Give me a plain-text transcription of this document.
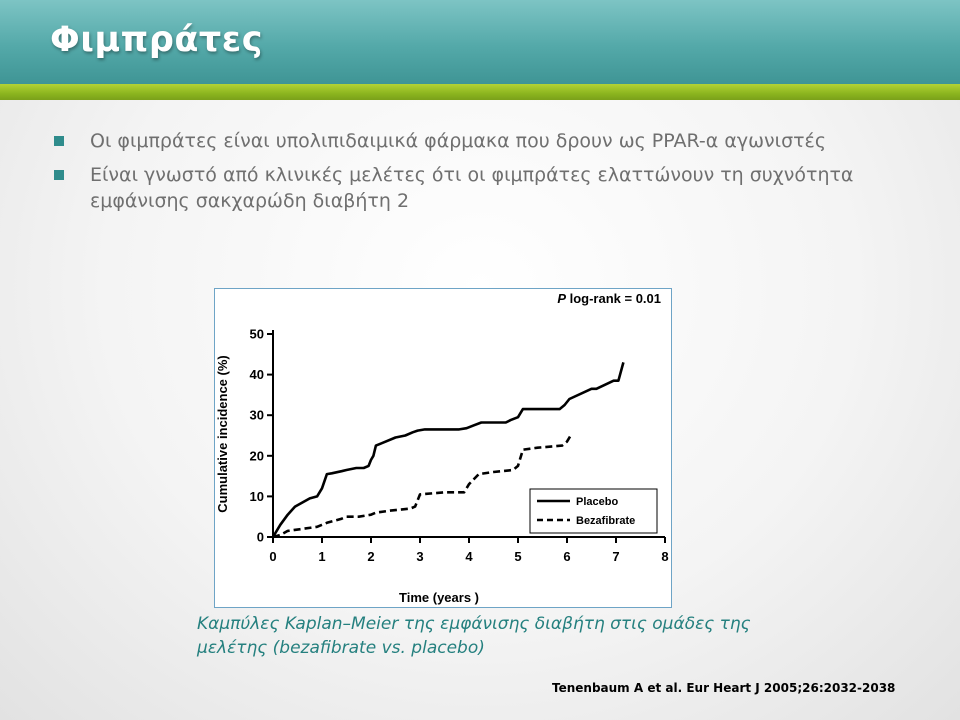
Φιμπράτες
Οι φιμπράτες είναι υπολιπιδαιμικά φάρμακα που δρουν ως PPAR-α αγωνιστές
Είναι γνωστό από κλινικές μελέτες ότι οι φιμπράτες ελαττώνουν τη συχνότητα εμφάνισης σακχαρώδη διαβήτη 2
0
10
20
30
40
50
0	1	2	3	4	5	6	7	8
P log-rank = 0.01
Time (years )
Cumulative incidence (%)	Placebo
Bezafibrate
Καμπύλες Kaplan–Meier της εμφάνισης διαβήτη στις ομάδες της μελέτης (bezafibrate vs. placebo)
Tenenbaum A et al. Eur Heart J 2005;26:2032-2038
